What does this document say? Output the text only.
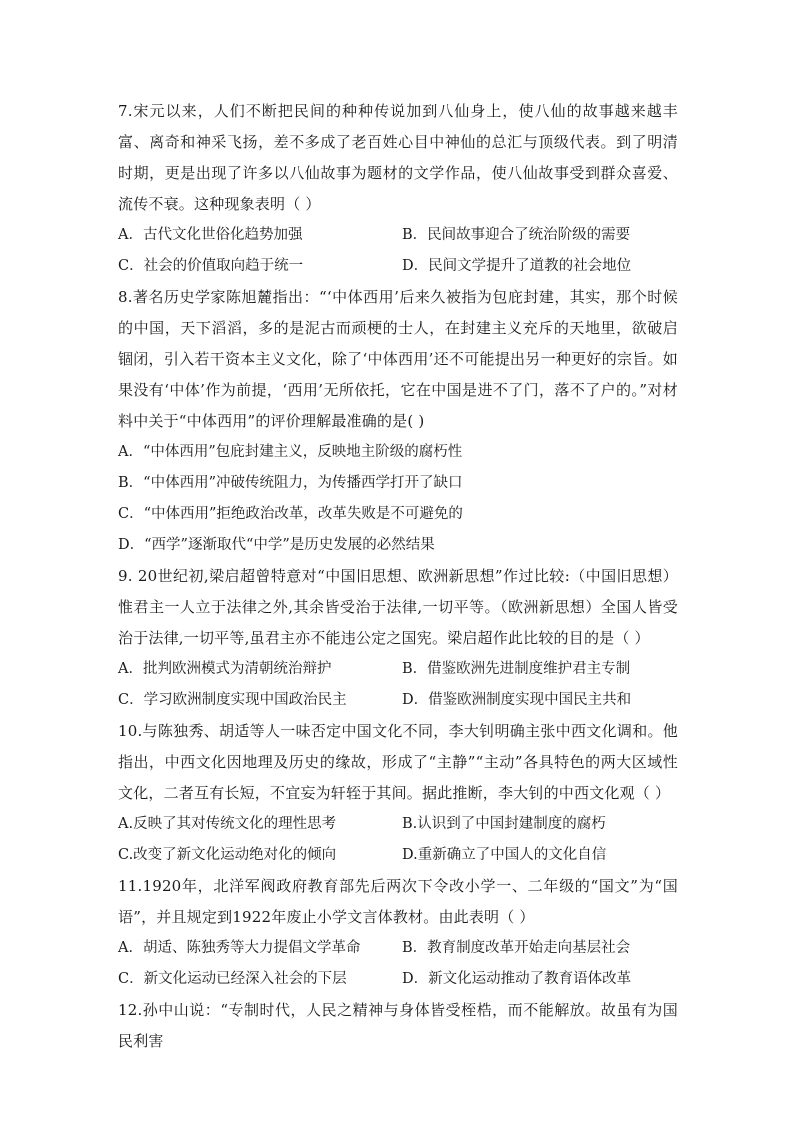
7.宋元以来，人们不断把民间的种种传说加到八仙身上，使八仙的故事越来越丰富、离奇和神采飞扬，差不多成了老百姓心目中神仙的总汇与顶级代表。到了明清时期，更是出现了许多以八仙故事为题材的文学作品，使八仙故事受到群众喜爱、流传不衰。这种现象表明（ ）

A．古代文化世俗化趋势加强	B．民间故事迎合了统治阶级的需要
C．社会的价值取向趋于统一	D．民间文学提升了道教的社会地位

8.著名历史学家陈旭麓指出：“‘中体西用’后来久被指为包庇封建，其实，那个时候的中国，天下滔滔，多的是泥古而顽梗的士人，在封建主义充斥的天地里，欲破启锢闭，引入若干资本主义文化，除了‘中体西用’还不可能提出另一种更好的宗旨。如果没有‘中体’作为前提，‘西用’无所依托，它在中国是进不了门，落不了户的。”对材料中关于“中体西用”的评价理解最准确的是( )

A．“中体西用”包庇封建主义，反映地主阶级的腐朽性

B．“中体西用”冲破传统阻力，为传播西学打开了缺口

C．“中体西用”拒绝政治改革，改革失败是不可避免的

D．“西学”逐渐取代“中学”是历史发展的必然结果

9. 20世纪初,梁启超曾特意对“中国旧思想、欧洲新思想”作过比较:（中国旧思想）惟君主一人立于法律之外,其余皆受治于法律,一切平等。（欧洲新思想）全国人皆受治于法律,一切平等,虽君主亦不能违公定之国宪。梁启超作此比较的目的是（ ）

A．批判欧洲模式为清朝统治辩护	B．借鉴欧洲先进制度维护君主专制
C．学习欧洲制度实现中国政治民主	D．借鉴欧洲制度实现中国民主共和

10.与陈独秀、胡适等人一味否定中国文化不同，李大钊明确主张中西文化调和。他指出，中西文化因地理及历史的缘故，形成了“主静”“主动”各具特色的两大区域性文化，二者互有长短，不宜妄为轩轾于其间。据此推断，李大钊的中西文化观（ ）

A.反映了其对传统文化的理性思考	B.认识到了中国封建制度的腐朽
C.改变了新文化运动绝对化的倾向	D.重新确立了中国人的文化自信

11.1920年，北洋军阀政府教育部先后两次下令改小学一、二年级的“国文”为“国语”，并且规定到1922年废止小学文言体教材。由此表明（ ）

A．胡适、陈独秀等大力提倡文学革命	B．教育制度改革开始走向基层社会
C．新文化运动已经深入社会的下层	D．新文化运动推动了教育语体改革

12.孙中山说：“专制时代，人民之精神与身体皆受桎梏，而不能解放。故虽有为国民利害
